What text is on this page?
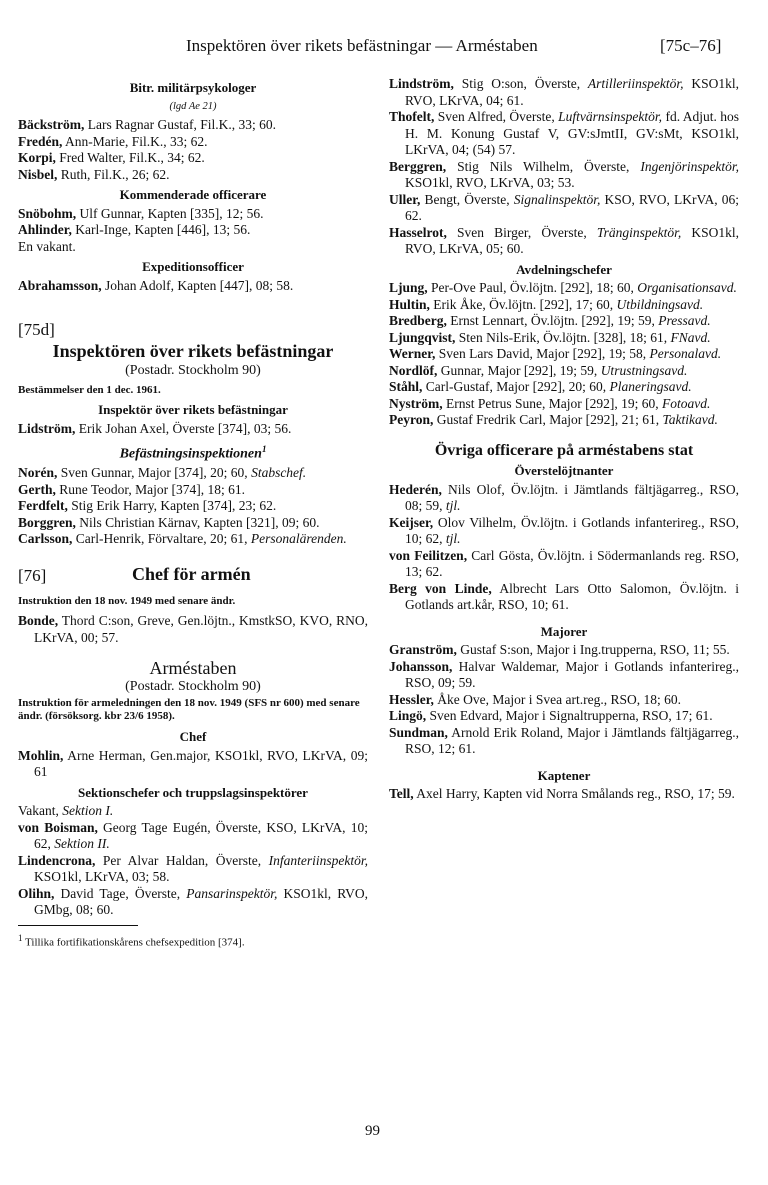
Inspektören över rikets befästningar — Arméstaben	[75c–76]
Bitr. militärpsykologer
(lgd Ae 21)

Bäckström, Lars Ragnar Gustaf, Fil.K., 33; 60.

Fredén, Ann-Marie, Fil.K., 33; 62.

Korpi, Fred Walter, Fil.K., 34; 62.

Nisbel, Ruth, Fil.K., 26; 62.

Kommenderade officerare

Snöbohm, Ulf Gunnar, Kapten [335], 12; 56.

Ahlinder, Karl-Inge, Kapten [446], 13; 56.

En vakant.

Expeditionsofficer

Abrahamsson, Johan Adolf, Kapten [447], 08; 58.

[75d]
Inspektören över rikets befästningar
(Postadr. Stockholm 90)
Bestämmelser den 1 dec. 1961.
Inspektör över rikets befästningar

Lidström, Erik Johan Axel, Överste [374], 03; 56.

Befästningsinspektionen$^1$

Norén, Sven Gunnar, Major [374], 20; 60, Stabschef.

Gerth, Rune Teodor, Major [374], 18; 61.

Ferdfelt, Stig Erik Harry, Kapten [374], 23; 62.

Borggren, Nils Christian Kärnav, Kapten [321], 09; 60.

Carlsson, Carl-Henrik, Förvaltare, 20; 61, Personalärenden.

[76]	Chef för armén
Instruktion den 18 nov. 1949 med senare ändr.

Bonde, Thord C:son, Greve, Gen.löjtn., KmstkSO, KVO, RNO, LKrVA, 00; 57.

Arméstaben
(Postadr. Stockholm 90)
Instruktion för armeledningen den 18 nov. 1949 (SFS nr 600) med senare ändr. (försöksorg. kbr 23/6 1958).
Chef

Mohlin, Arne Herman, Gen.major, KSO1kl, RVO, LKrVA, 09; 61

Sektionschefer och truppslagsinspektörer

Vakant, Sektion I.

von Boisman, Georg Tage Eugén, Överste, KSO, LKrVA, 10; 62, Sektion II.

Lindencrona, Per Alvar Haldan, Överste, Infanteriinspektör, KSO1kl, LKrVA, 03; 58.

Olihn, David Tage, Överste, Pansarinspektör, KSO1kl, RVO, GMbg, 08; 60.

$^1$ Tillika fortifikationskårens chefsexpedition [374].

Lindström, Stig O:son, Överste, Artilleriinspektör, KSO1kl, RVO, LKrVA, 04; 61.

Thofelt, Sven Alfred, Överste, Luftvärnsinspektör, fd. Adjut. hos H. M. Konung Gustaf V, GV:sJmtII, GV:sMt, KSO1kl, LKrVA, 04; (54) 57.

Berggren, Stig Nils Wilhelm, Överste, Ingenjörinspektör, KSO1kl, RVO, LKrVA, 03; 53.

Uller, Bengt, Överste, Signalinspektör, KSO, RVO, LKrVA, 06; 62.

Hasselrot, Sven Birger, Överste, Tränginspektör, KSO1kl, RVO, LKrVA, 05; 60.

Avdelningschefer

Ljung, Per-Ove Paul, Öv.löjtn. [292], 18; 60, Organisationsavd.

Hultin, Erik Åke, Öv.löjtn. [292], 17; 60, Utbildningsavd.

Bredberg, Ernst Lennart, Öv.löjtn. [292], 19; 59, Pressavd.

Ljungqvist, Sten Nils-Erik, Öv.löjtn. [328], 18; 61, FNavd.

Werner, Sven Lars David, Major [292], 19; 58, Personalavd.

Nordlöf, Gunnar, Major [292], 19; 59, Utrustningsavd.

Ståhl, Carl-Gustaf, Major [292], 20; 60, Planeringsavd.

Nyström, Ernst Petrus Sune, Major [292], 19; 60, Fotoavd.

Peyron, Gustaf Fredrik Carl, Major [292], 21; 61, Taktikavd.

Övriga officerare på arméstabens stat
Överstelöjtnanter

Hederén, Nils Olof, Öv.löjtn. i Jämtlands fältjägarreg., RSO, 08; 59, tjl.

Keijser, Olov Vilhelm, Öv.löjtn. i Gotlands infanterireg., RSO, 10; 62, tjl.

von Feilitzen, Carl Gösta, Öv.löjtn. i Södermanlands reg. RSO, 13; 62.

Berg von Linde, Albrecht Lars Otto Salomon, Öv.löjtn. i Gotlands art.kår, RSO, 10; 61.

Majorer

Granström, Gustaf S:son, Major i Ing.trupperna, RSO, 11; 55.

Johansson, Halvar Waldemar, Major i Gotlands infanterireg., RSO, 09; 59.

Hessler, Åke Ove, Major i Svea art.reg., RSO, 18; 60.

Lingö, Sven Edvard, Major i Signaltrupperna, RSO, 17; 61.

Sundman, Arnold Erik Roland, Major i Jämtlands fältjägarreg., RSO, 12; 61.

Kaptener

Tell, Axel Harry, Kapten vid Norra Smålands reg., RSO, 17; 59.

99
